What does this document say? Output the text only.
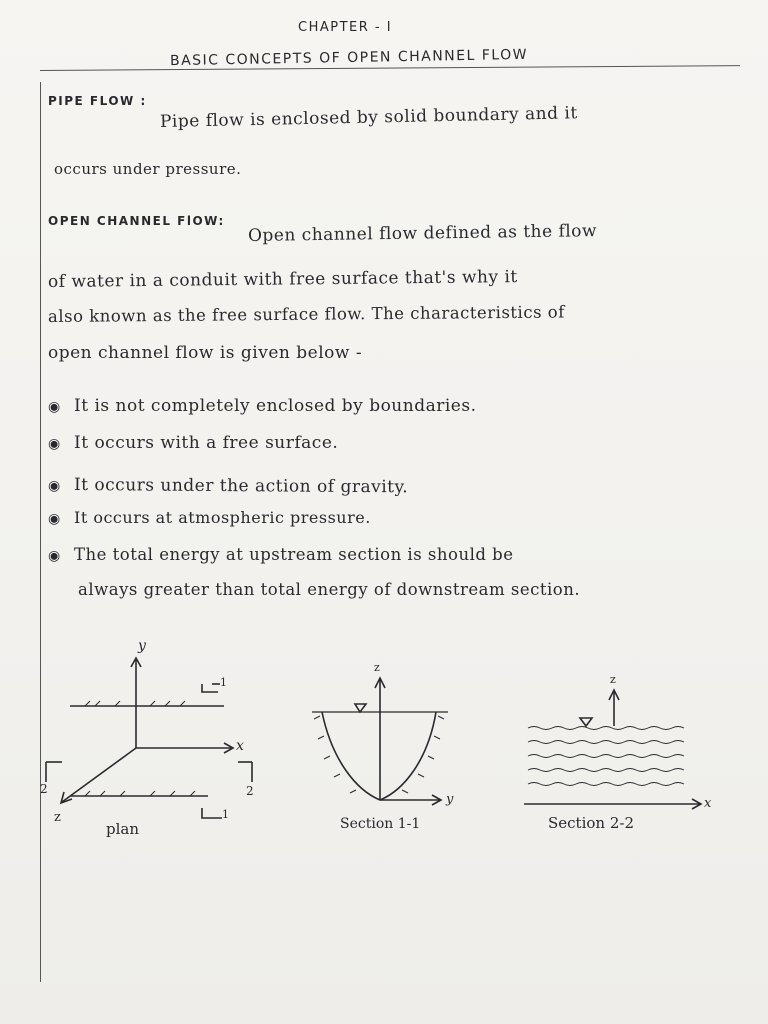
CHAPTER - I
BASIC CONCEPTS OF OPEN CHANNEL FLOW
PIPE FLOW :
Pipe flow is enclosed by solid boundary and it
occurs under pressure.
OPEN CHANNEL FlOW:
Open channel flow defined as the flow
of water in a conduit with free surface that's why it
also known as the free surface flow. The characteristics of
open channel flow is given below -
◉ It is not completely enclosed by boundaries.
◉ It occurs with a free surface.
◉ It occurs under the action of gravity.
◉ It occurs at atmospheric pressure.
◉ The total energy at upstream section is should be
always greater than total energy of downstream section.
y
x
z
1
1
2	2
plan
z
y
Section 1-1
z
x
Section 2-2
